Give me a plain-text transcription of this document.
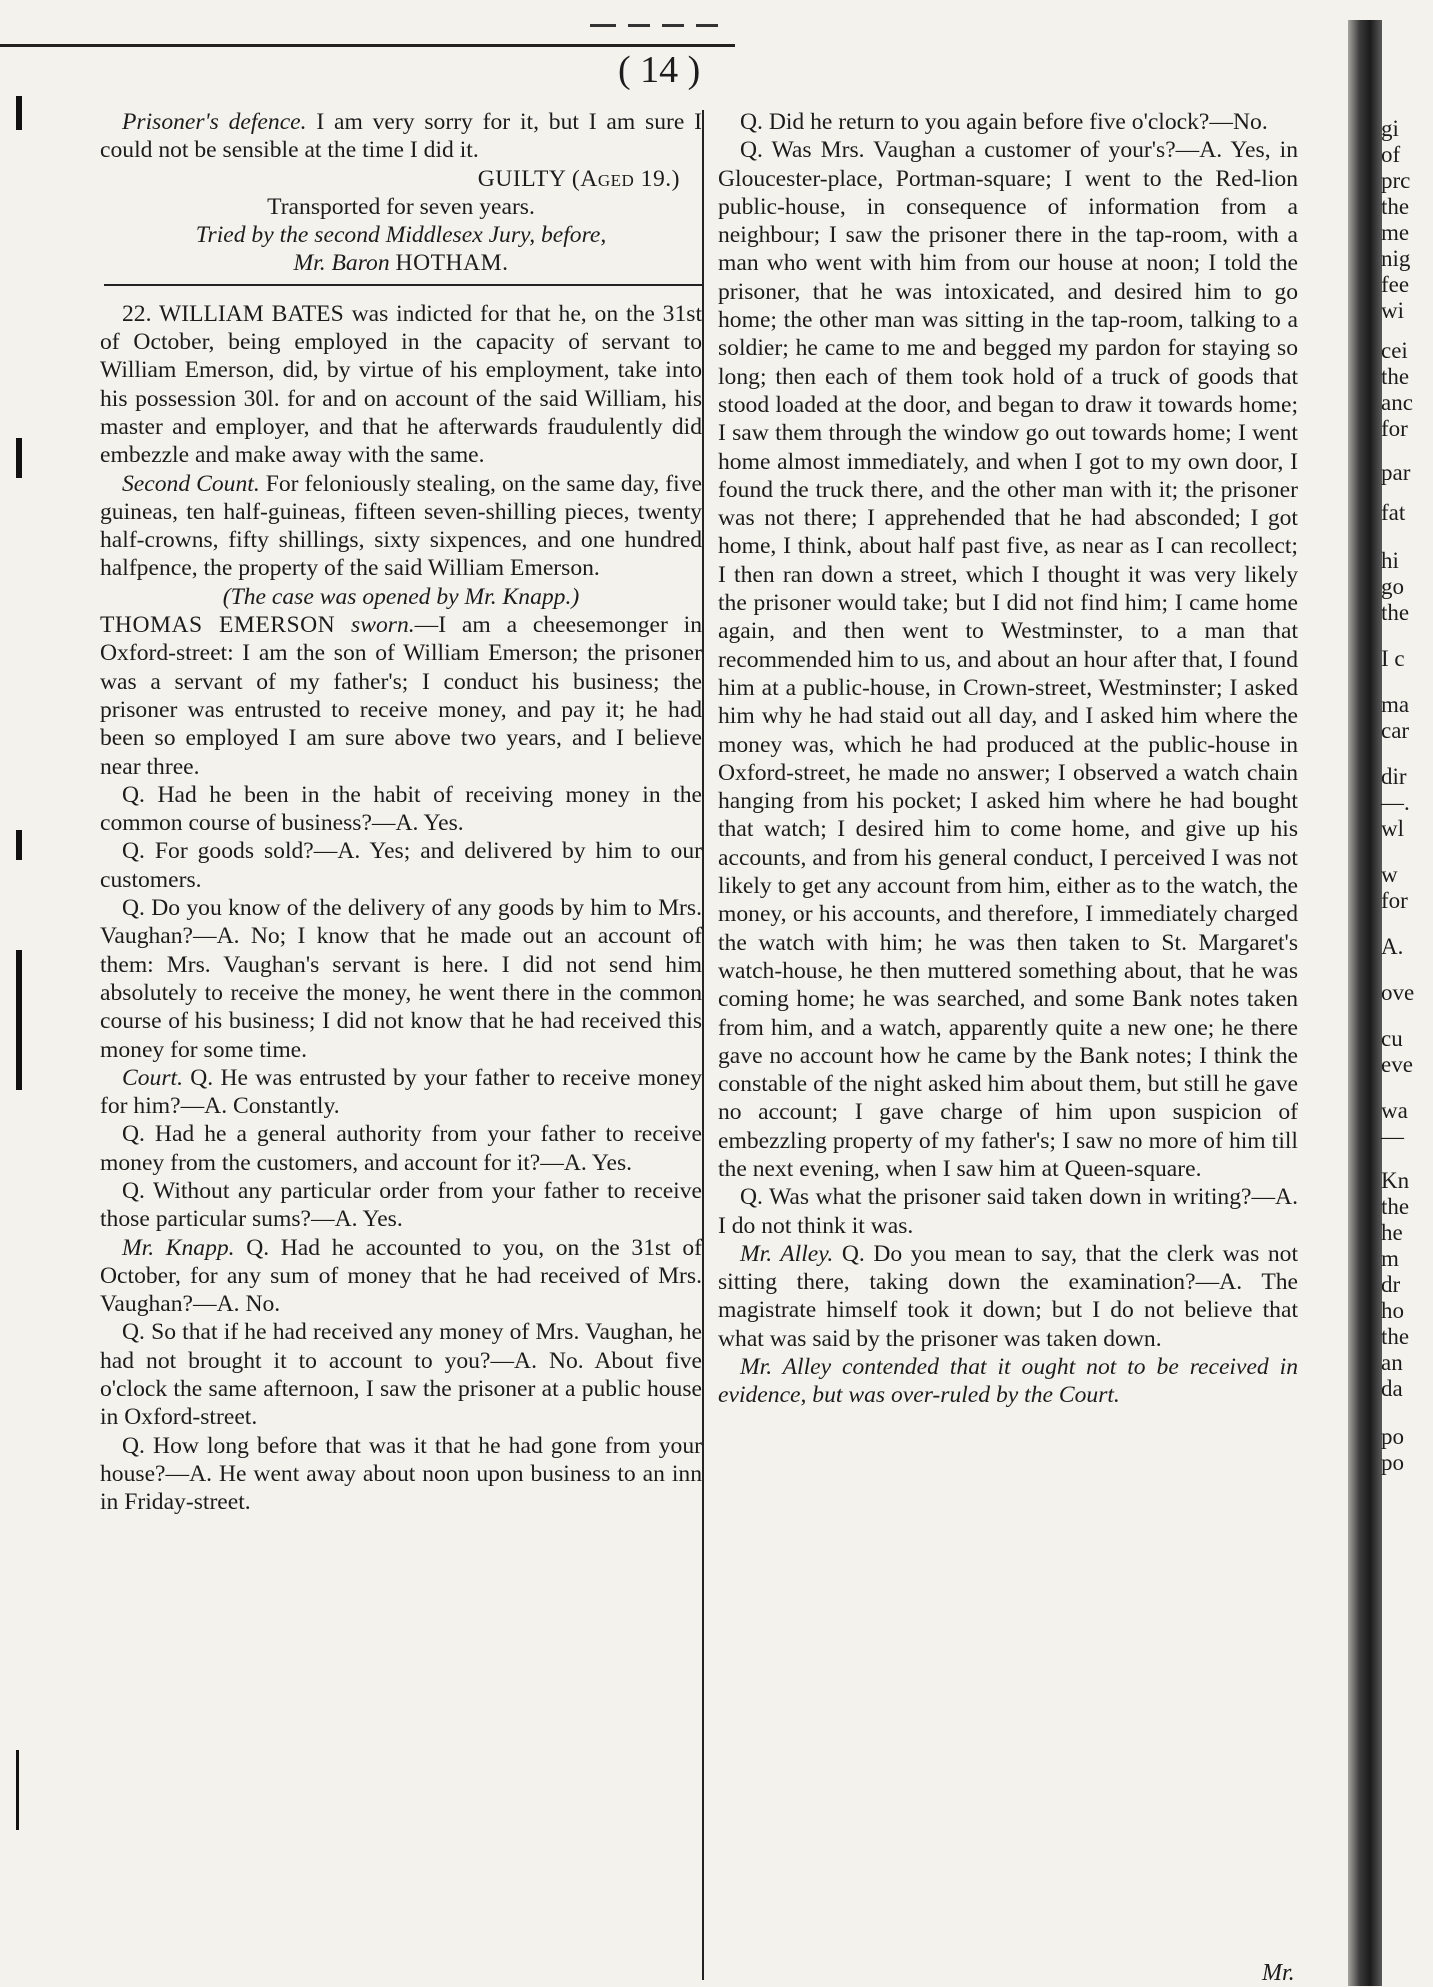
( 14 )

Prisoner's defence. I am very sorry for it, but I am sure I could not be sensible at the time I did it.

GUILTY (Aged 19.)

Transported for seven years.

Tried by the second Middlesex Jury, before,

Mr. Baron HOTHAM.

22. WILLIAM BATES was indicted for that he, on the 31st of October, being employed in the capacity of servant to William Emerson, did, by virtue of his employment, take into his possession 30l. for and on account of the said William, his master and employer, and that he afterwards fraudulently did embezzle and make away with the same.

Second Count. For feloniously stealing, on the same day, five guineas, ten half-guineas, fifteen seven-shilling pieces, twenty half-crowns, fifty shillings, sixty sixpences, and one hundred halfpence, the property of the said William Emerson.

(The case was opened by Mr. Knapp.)

THOMAS EMERSON sworn.—I am a cheesemonger in Oxford-street: I am the son of William Emerson; the prisoner was a servant of my father's; I conduct his business; the prisoner was entrusted to receive money, and pay it; he had been so employed I am sure above two years, and I believe near three.

Q. Had he been in the habit of receiving money in the common course of business?—A. Yes.

Q. For goods sold?—A. Yes; and delivered by him to our customers.

Q. Do you know of the delivery of any goods by him to Mrs. Vaughan?—A. No; I know that he made out an account of them: Mrs. Vaughan's servant is here. I did not send him absolutely to receive the money, he went there in the common course of his business; I did not know that he had received this money for some time.

Court. Q. He was entrusted by your father to receive money for him?—A. Constantly.

Q. Had he a general authority from your father to receive money from the customers, and account for it?—A. Yes.

Q. Without any particular order from your father to receive those particular sums?—A. Yes.

Mr. Knapp. Q. Had he accounted to you, on the 31st of October, for any sum of money that he had received of Mrs. Vaughan?—A. No.

Q. So that if he had received any money of Mrs. Vaughan, he had not brought it to account to you?—A. No. About five o'clock the same afternoon, I saw the prisoner at a public house in Oxford-street.

Q. How long before that was it that he had gone from your house?—A. He went away about noon upon business to an inn in Friday-street.

Q. Did he return to you again before five o'clock?—No.

Q. Was Mrs. Vaughan a customer of your's?—A. Yes, in Gloucester-place, Portman-square; I went to the Red-lion public-house, in consequence of information from a neighbour; I saw the prisoner there in the tap-room, with a man who went with him from our house at noon; I told the prisoner, that he was intoxicated, and desired him to go home; the other man was sitting in the tap-room, talking to a soldier; he came to me and begged my pardon for staying so long; then each of them took hold of a truck of goods that stood loaded at the door, and began to draw it towards home; I saw them through the window go out towards home; I went home almost immediately, and when I got to my own door, I found the truck there, and the other man with it; the prisoner was not there; I apprehended that he had absconded; I got home, I think, about half past five, as near as I can recollect; I then ran down a street, which I thought it was very likely the prisoner would take; but I did not find him; I came home again, and then went to Westminster, to a man that recommended him to us, and about an hour after that, I found him at a public-house, in Crown-street, Westminster; I asked him why he had staid out all day, and I asked him where the money was, which he had produced at the public-house in Oxford-street, he made no answer; I observed a watch chain hanging from his pocket; I asked him where he had bought that watch; I desired him to come home, and give up his accounts, and from his general conduct, I perceived I was not likely to get any account from him, either as to the watch, the money, or his accounts, and therefore, I immediately charged the watch with him; he was then taken to St. Margaret's watch-house, he then muttered something about, that he was coming home; he was searched, and some Bank notes taken from him, and a watch, apparently quite a new one; he there gave no account how he came by the Bank notes; I think the constable of the night asked him about them, but still he gave no account; I gave charge of him upon suspicion of embezzling property of my father's; I saw no more of him till the next evening, when I saw him at Queen-square.

Q. Was what the prisoner said taken down in writing?—A. I do not think it was.

Mr. Alley. Q. Do you mean to say, that the clerk was not sitting there, taking down the examination?—A. The magistrate himself took it down; but I do not believe that what was said by the prisoner was taken down.

Mr. Alley contended that it ought not to be received in evidence, but was over-ruled by the Court.

Mr.
gi
of
prc
the
me
nig
fee
wi
cei
the
anc
for
par
fat
hi
go
the
I c
ma
car
dir
—.
wl
w
for
A.
ove
cu
eve
wa
—
Kn
the
he
m
dr
ho
the
an
da
po
po
